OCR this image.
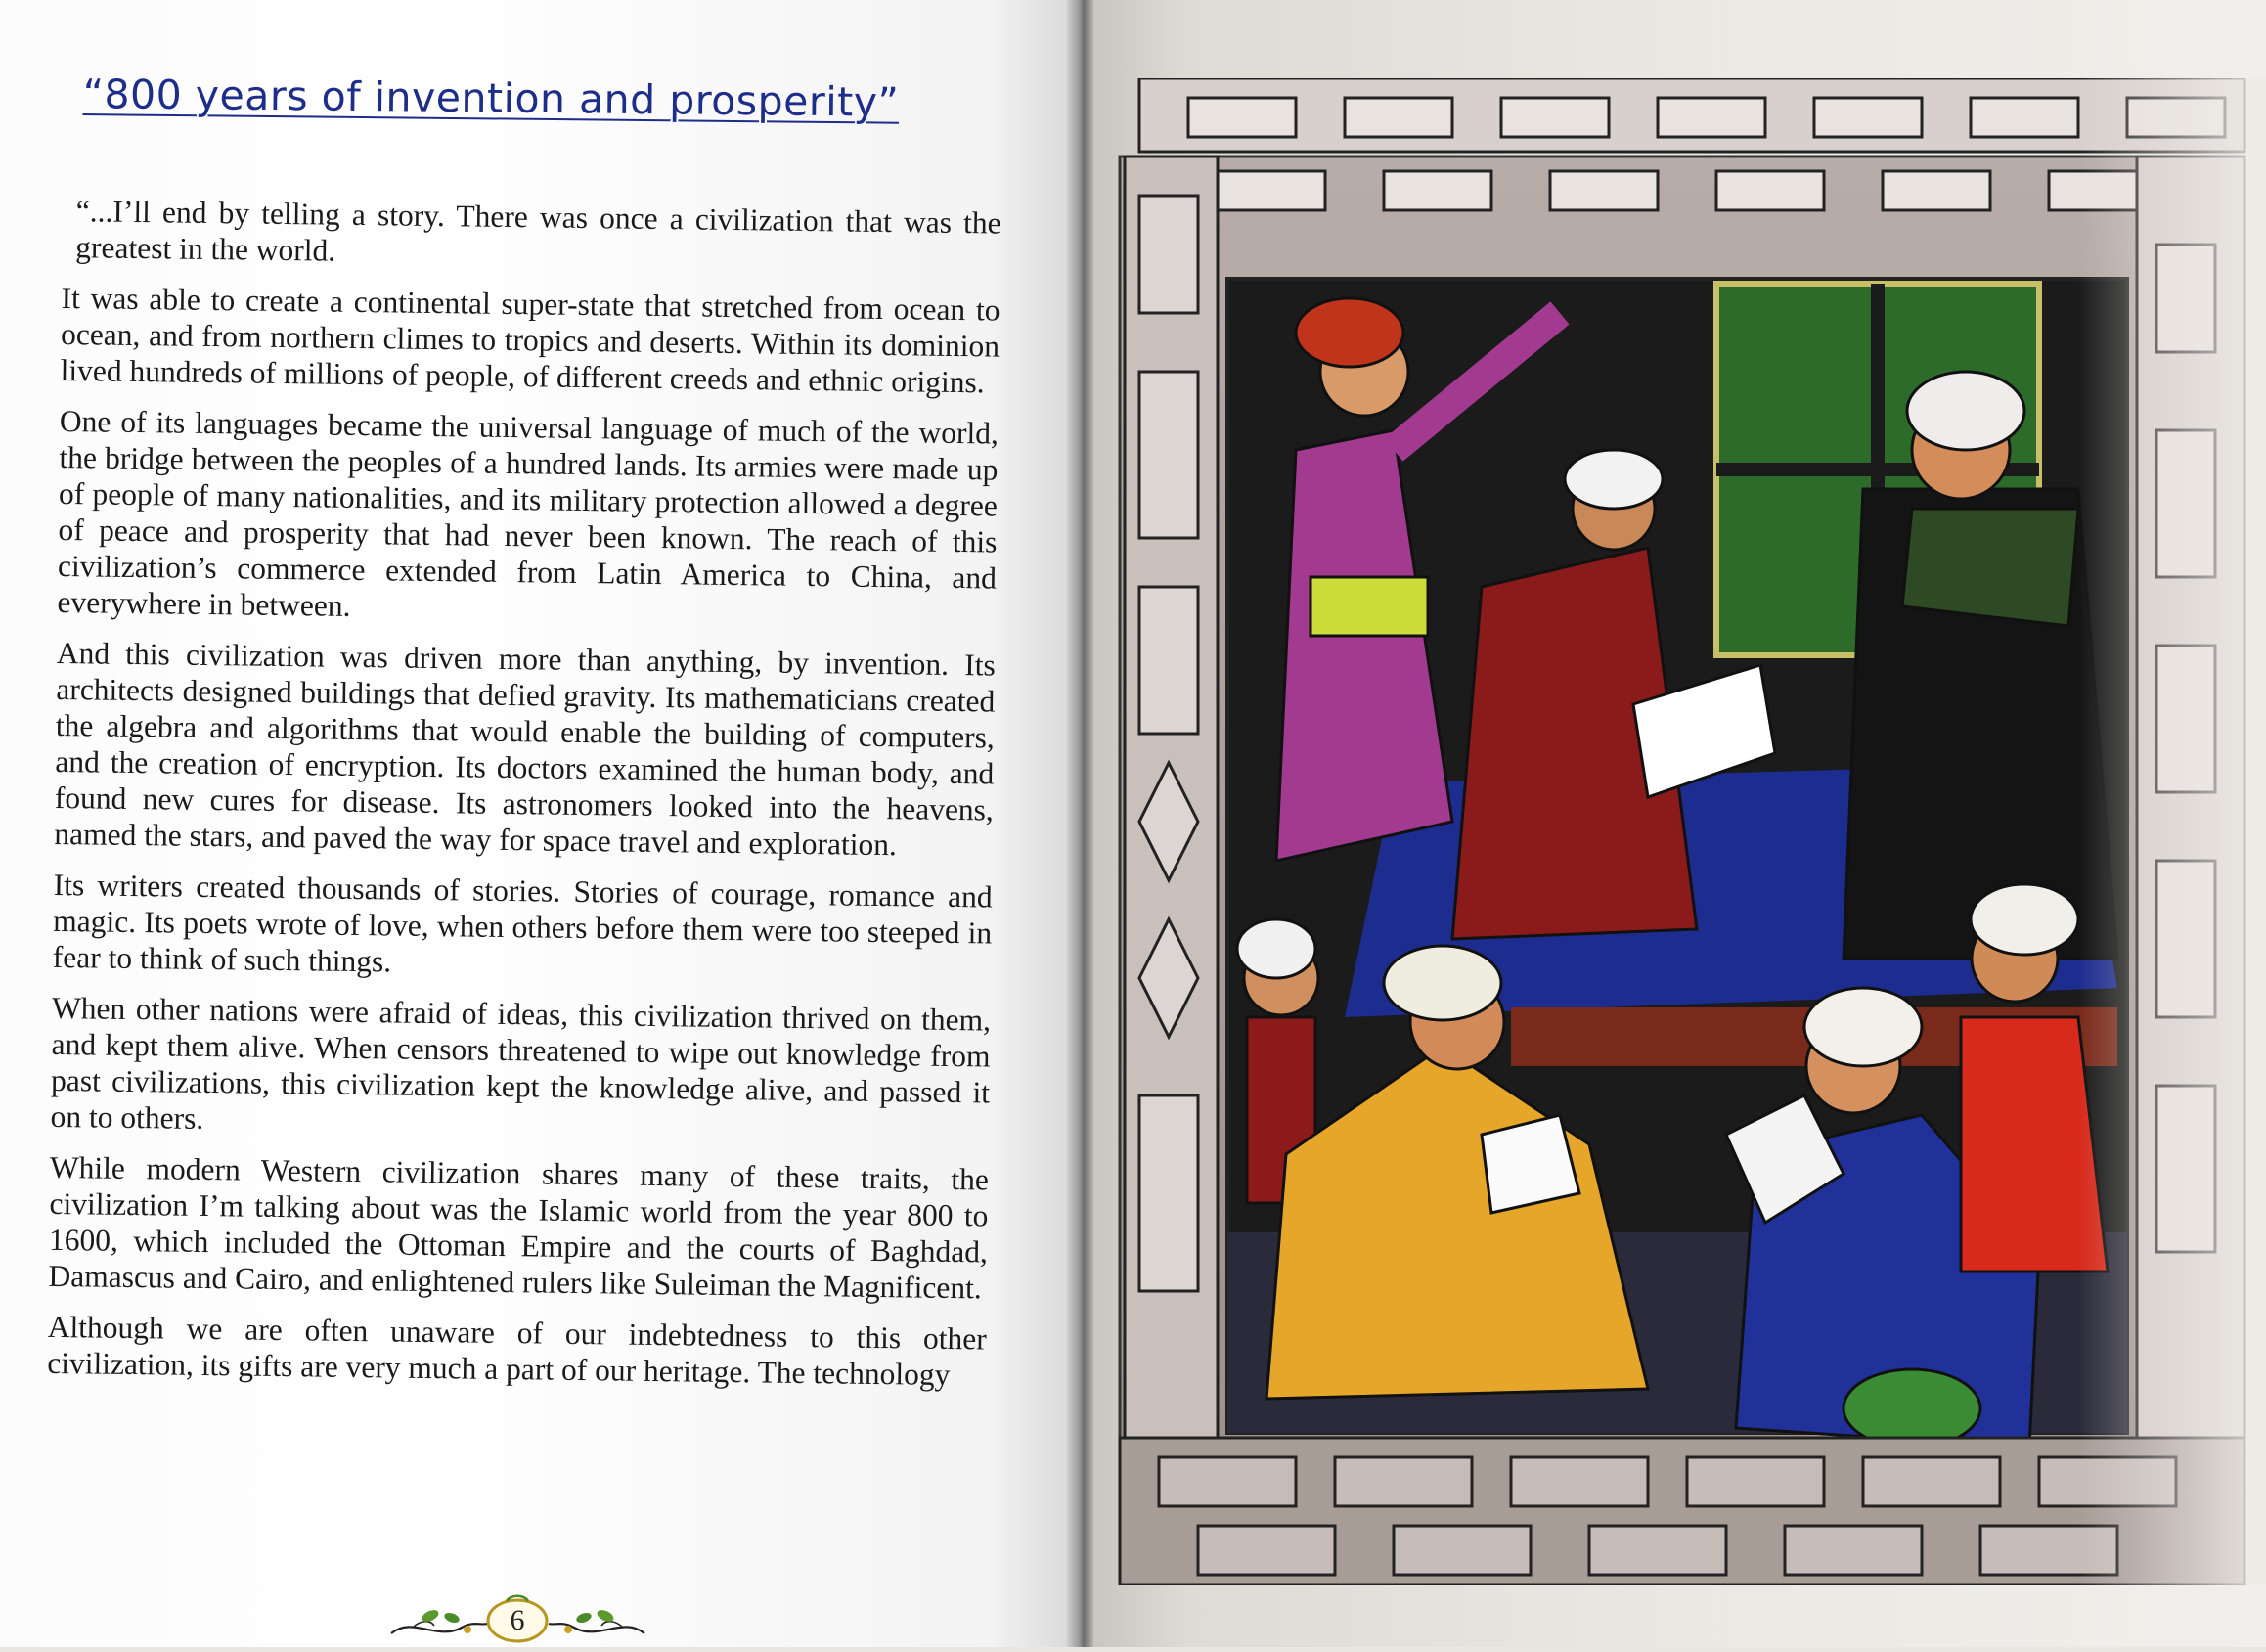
“800 years of invention and prosperity”

“...I’ll end by telling a story. There was once a civilization that was the greatest in the world.

It was able to create a continental super-state that stretched from ocean to ocean, and from northern climes to tropics and deserts. Within its dominion lived hundreds of millions of people, of different creeds and ethnic origins.

One of its languages became the universal language of much of the world, the bridge between the peoples of a hundred lands. Its armies were made up of people of many nationalities, and its military protection allowed a degree of peace and prosperity that had never been known. The reach of this civilization’s commerce extended from Latin America to China, and everywhere in between.

And this civilization was driven more than anything, by invention. Its architects designed buildings that defied gravity. Its mathematicians created the algebra and algorithms that would enable the building of computers, and the creation of encryption. Its doctors examined the human body, and found new cures for disease. Its astronomers looked into the heavens, named the stars, and paved the way for space travel and exploration.

Its writers created thousands of stories. Stories of courage, romance and magic. Its poets wrote of love, when others before them were too steeped in fear to think of such things.

When other nations were afraid of ideas, this civilization thrived on them, and kept them alive. When censors threatened to wipe out knowledge from past civilizations, this civilization kept the knowledge alive, and passed it on to others.

While modern Western civilization shares many of these traits, the civilization I’m talking about was the Islamic world from the year 800 to 1600, which included the Ottoman Empire and the courts of Baghdad, Damascus and Cairo, and enlightened rulers like Suleiman the Magnificent.

Although we are often unaware of our indebtedness to this other civilization, its gifts are very much a part of our heritage. The technology

6
